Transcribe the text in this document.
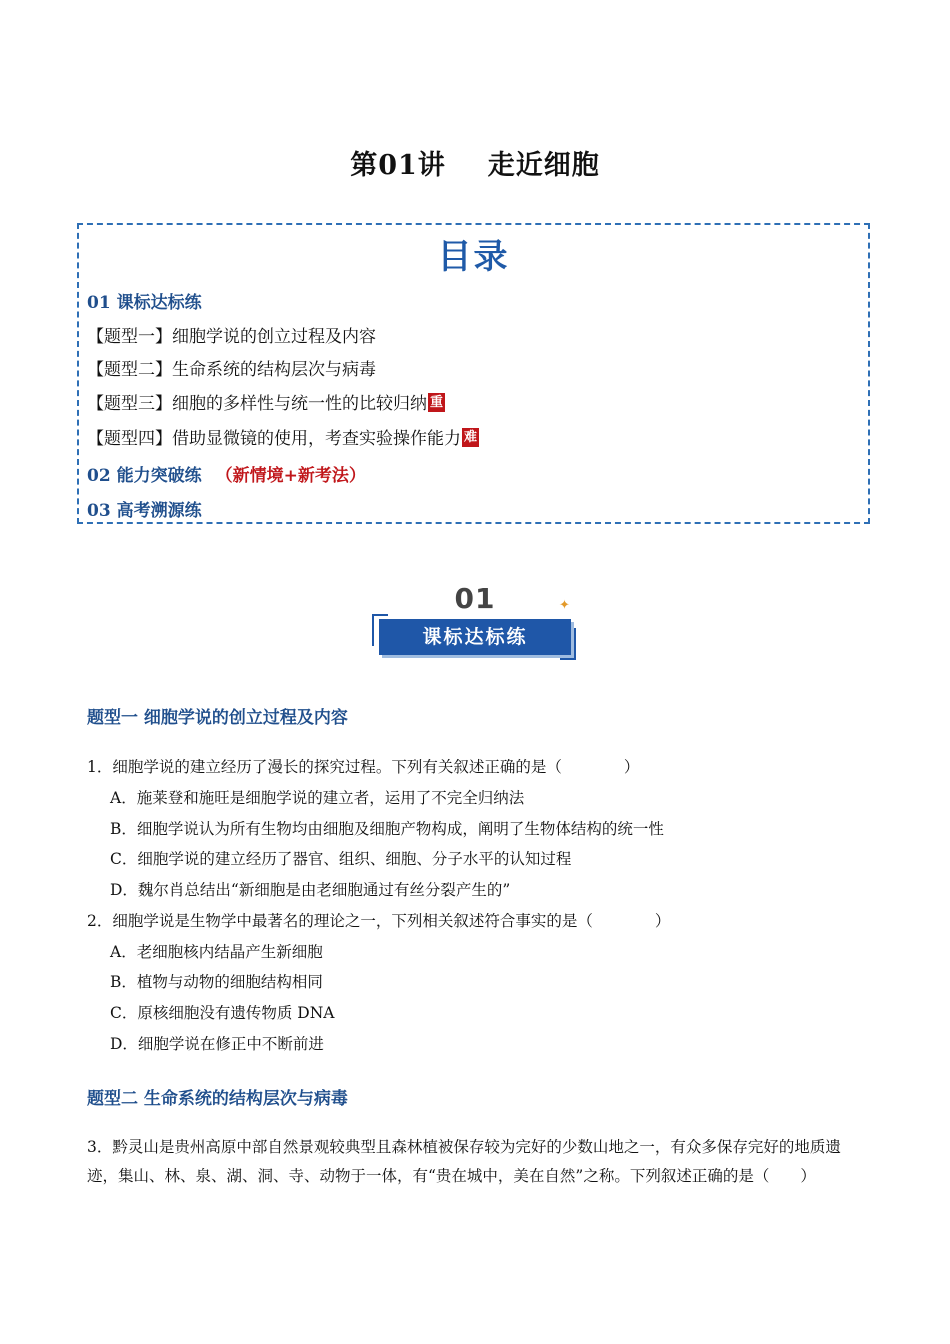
第01讲 走近细胞
目录
01 课标达标练
【题型一】细胞学说的创立过程及内容
【题型二】生命系统的结构层次与病毒
【题型三】细胞的多样性与统一性的比较归纳 重
【题型四】借助显微镜的使用，考查实验操作能力 难
02 能力突破练 （新情境+新考法）
03 高考溯源练
01	✦
课标达标练
题型一 细胞学说的创立过程及内容
1．细胞学说的建立经历了漫长的探究过程。下列有关叙述正确的是（　　　　）
A．施莱登和施旺是细胞学说的建立者，运用了不完全归纳法
B．细胞学说认为所有生物均由细胞及细胞产物构成，阐明了生物体结构的统一性
C．细胞学说的建立经历了器官、组织、细胞、分子水平的认知过程
D．魏尔肖总结出“新细胞是由老细胞通过有丝分裂产生的”
2．细胞学说是生物学中最著名的理论之一，下列相关叙述符合事实的是（　　　　）
A．老细胞核内结晶产生新细胞
B．植物与动物的细胞结构相同
C．原核细胞没有遗传物质 DNA
D．细胞学说在修正中不断前进
题型二 生命系统的结构层次与病毒
3．黔灵山是贵州高原中部自然景观较典型且森林植被保存较为完好的少数山地之一，有众多保存完好的地质遗迹，集山、林、泉、湖、洞、寺、动物于一体，有“贵在城中，美在自然”之称。下列叙述正确的是（　　）
